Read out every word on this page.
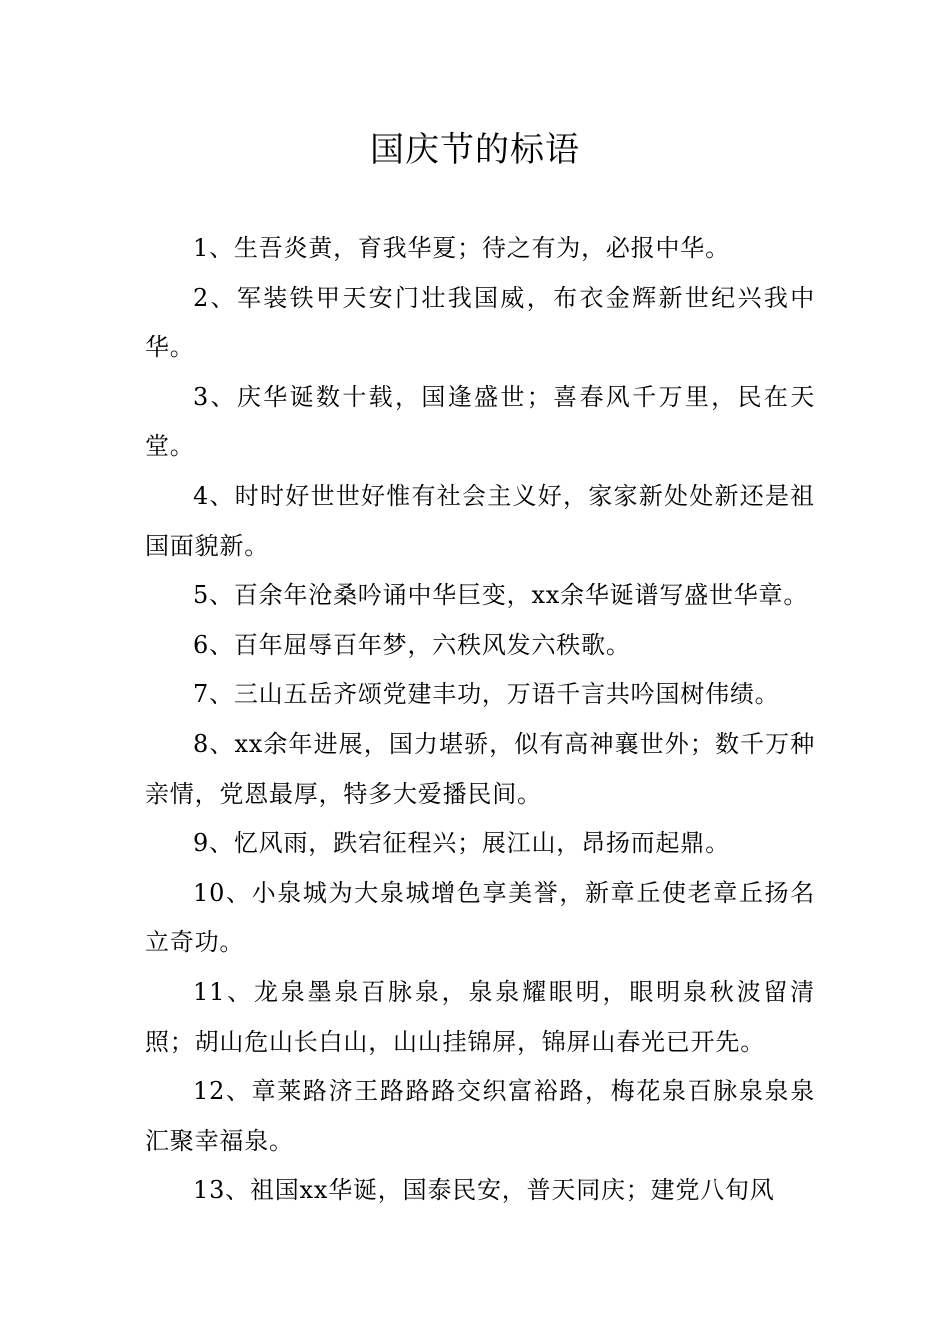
国庆节的标语

1、生吾炎黄，育我华夏；待之有为，必报中华。

2、军装铁甲天安门壮我国威，布衣金辉新世纪兴我中华。

3、庆华诞数十载，国逢盛世；喜春风千万里，民在天堂。

4、时时好世世好惟有社会主义好，家家新处处新还是祖国面貌新。

5、百余年沧桑吟诵中华巨变，xx余华诞谱写盛世华章。

6、百年屈辱百年梦，六秩风发六秩歌。

7、三山五岳齐颂党建丰功，万语千言共吟国树伟绩。

8、xx余年进展，国力堪骄，似有高神襄世外；数千万种亲情，党恩最厚，特多大爱播民间。

9、忆风雨，跌宕征程兴；展江山，昂扬而起鼎。

10、小泉城为大泉城增色享美誉，新章丘使老章丘扬名立奇功。

11、龙泉墨泉百脉泉，泉泉耀眼明，眼明泉秋波留清照；胡山危山长白山，山山挂锦屏，锦屏山春光已开先。

12、章莱路济王路路路交织富裕路，梅花泉百脉泉泉泉汇聚幸福泉。

13、祖国xx华诞，国泰民安，普天同庆；建党八旬风
